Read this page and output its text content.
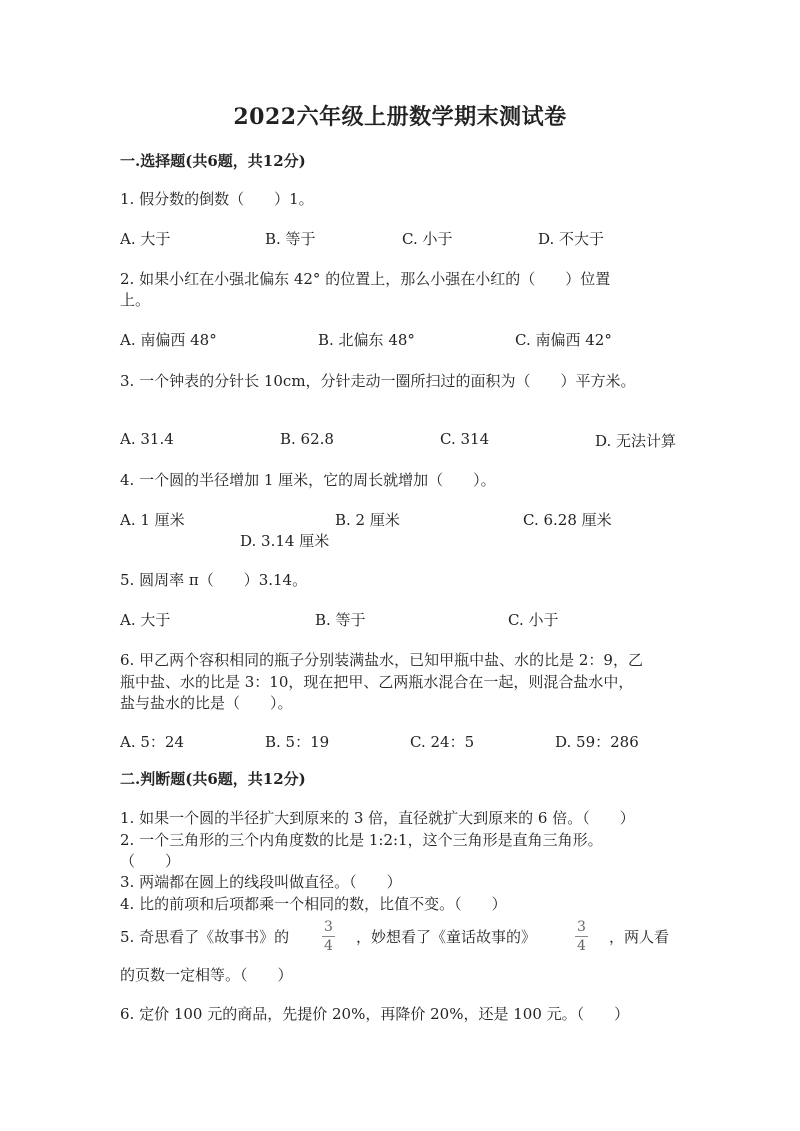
2022六年级上册数学期末测试卷
一.选择题(共6题，共12分)
1. 假分数的倒数（　　）1。
A. 大于	B. 等于	C. 小于	D. 不大于
2. 如果小红在小强北偏东 42° 的位置上，那么小强在小红的（　　）位置
上。
A. 南偏西 48°	B. 北偏东 48°	C. 南偏西 42°
3. 一个钟表的分针长 10cm，分针走动一圈所扫过的面积为（　　）平方米。
A. 31.4	B. 62.8	C. 314	D. 无法计算
4. 一个圆的半径增加 1 厘米，它的周长就增加（　　）。
A. 1 厘米	B. 2 厘米	C. 6.28 厘米
D. 3.14 厘米
5. 圆周率 π（　　）3.14。
A. 大于	B. 等于	C. 小于
6. 甲乙两个容积相同的瓶子分别装满盐水，已知甲瓶中盐、水的比是 2：9，乙
瓶中盐、水的比是 3：10，现在把甲、乙两瓶水混合在一起，则混合盐水中，
盐与盐水的比是（　　）。
A. 5：24	B. 5：19	C. 24：5	D. 59：286
二.判断题(共6题，共12分)
1. 如果一个圆的半径扩大到原来的 3 倍，直径就扩大到原来的 6 倍。（　　）
2. 一个三角形的三个内角度数的比是 1:2:1，这个三角形是直角三角形。
（　　）
3. 两端都在圆上的线段叫做直径。（　　）
4. 比的前项和后项都乘一个相同的数，比值不变。（　　）
5. 奇思看了《故事书》的 $\frac{3}{4}$ ，妙想看了《童话故事的》	$\frac{3}{4}$ ，两人看
的页数一定相等。（　　）
6. 定价 100 元的商品，先提价 20%，再降价 20%，还是 100 元。（　　）
